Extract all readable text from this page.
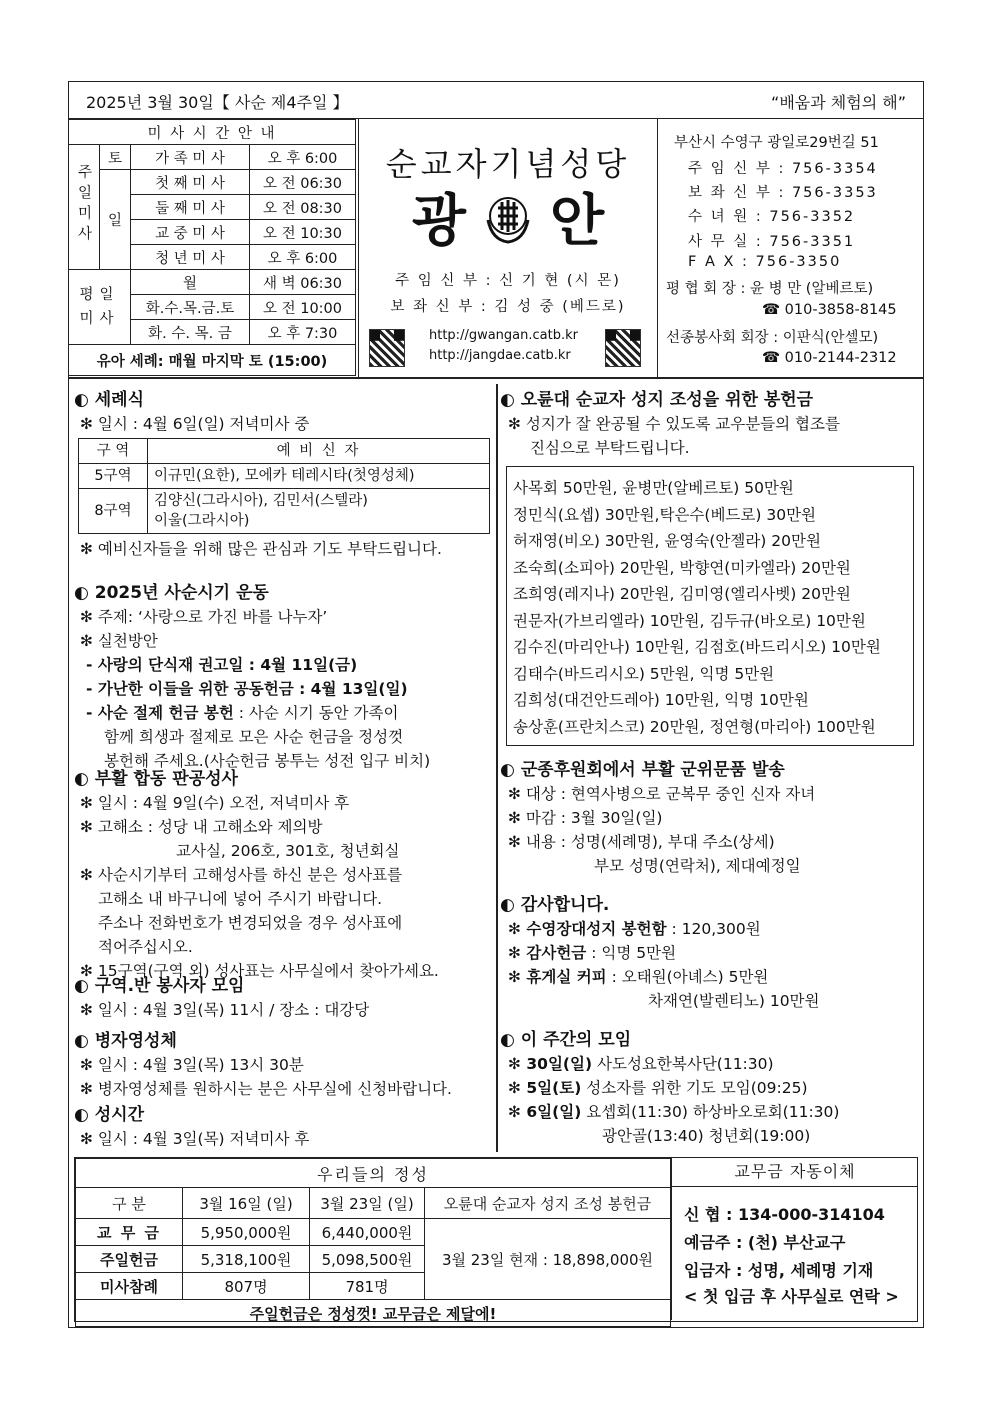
2025년 3월 30일【 사순 제4주일 】	“배움과 체험의 해”
미 사 시 간 안 내			
주일미사	토	가 족 미 사	오 후 6:00
	일	첫 째 미 사	오 전 06:30
		둘 째 미 사	오 전 08:30
		교 중 미 사	오 전 10:30
		청 년 미 사	오 후 6:00
평일미사		월	새 벽 06:30
		화.수.목.금.토	오 전 10:00
		화. 수. 목. 금	오 후 7:30
유아 세례: 매월 마지막 토 (15:00)			
순교자기념성당
광 안
주 임 신 부 : 신 기 현 (시 몬)
보 좌 신 부 : 김 성 중 (베드로)
http://gwangan.catb.kr
http://jangdae.catb.kr
부산시 수영구 광일로29번길 51
주 임 신 부 : 756-3354
보 좌 신 부 : 756-3353
수 녀 원 : 756-3352
사 무 실 : 756-3351
F A X : 756-3350
평 협 회 장 : 윤 병 만 (알베르토)
☎ 010-3858-8145
선종봉사회 회장 : 이판식(안셀모)
☎ 010-2144-2312
◐ 세례식
✻ 일시 : 4월 6일(일) 저녁미사 중
구 역	예 비 신 자
5구역	이규민(요한), 모에카 테레시타(첫영성체)
8구역	김양신(그라시아), 김민서(스텔라)
이울(그라시아)
✻ 예비신자들을 위해 많은 관심과 기도 부탁드립니다.
◐ 2025년 사순시기 운동
✻ 주제: ‘사랑으로 가진 바를 나누자’
✻ 실천방안
- 사랑의 단식재 권고일 : 4월 11일(금)
- 가난한 이들을 위한 공동헌금 : 4월 13일(일)
- 사순 절제 헌금 봉헌 : 사순 시기 동안 가족이
함께 희생과 절제로 모은 사순 헌금을 정성껏
봉헌해 주세요.(사순헌금 봉투는 성전 입구 비치)
◐ 부활 합동 판공성사
✻ 일시 : 4월 9일(수) 오전, 저녁미사 후
✻ 고해소 : 성당 내 고해소와 제의방
교사실, 206호, 301호, 청년회실
✻ 사순시기부터 고해성사를 하신 분은 성사표를
고해소 내 바구니에 넣어 주시기 바랍니다.
주소나 전화번호가 변경되었을 경우 성사표에
적어주십시오.
✻ 15구역(구역 외) 성사표는 사무실에서 찾아가세요.
◐ 구역.반 봉사자 모임
✻ 일시 : 4월 3일(목) 11시 / 장소 : 대강당
◐ 병자영성체
✻ 일시 : 4월 3일(목) 13시 30분
✻ 병자영성체를 원하시는 분은 사무실에 신청바랍니다.
◐ 성시간
✻ 일시 : 4월 3일(목) 저녁미사 후
◐ 오륜대 순교자 성지 조성을 위한 봉헌금
✻ 성지가 잘 완공될 수 있도록 교우분들의 협조를
진심으로 부탁드립니다.
사목회 50만원, 윤병만(알베르토) 50만원
정민식(요셉) 30만원,탁은수(베드로) 30만원
허재영(비오) 30만원, 윤영숙(안젤라) 20만원
조숙희(소피아) 20만원, 박향연(미카엘라) 20만원
조희영(레지나) 20만원, 김미영(엘리사벳) 20만원
권문자(가브리엘라) 10만원, 김두규(바오로) 10만원
김수진(마리안나) 10만원, 김점호(바드리시오) 10만원
김태수(바드리시오) 5만원, 익명 5만원
김희성(대건안드레아) 10만원, 익명 10만원
송상훈(프란치스코) 20만원, 정연형(마리아) 100만원
◐ 군종후원회에서 부활 군위문품 발송
✻ 대상 : 현역사병으로 군복무 중인 신자 자녀
✻ 마감 : 3월 30일(일)
✻ 내용 : 성명(세례명), 부대 주소(상세)
부모 성명(연락처), 제대예정일
◐ 감사합니다.
✻ 수영장대성지 봉헌함 : 120,300원
✻ 감사헌금 : 익명 5만원
✻ 휴게실 커피 : 오태원(아녜스) 5만원
차재연(발렌티노) 10만원
◐ 이 주간의 모임
✻ 30일(일) 사도성요한복사단(11:30)
✻ 5일(토) 성소자를 위한 기도 모임(09:25)
✻ 6일(일) 요셉회(11:30) 하상바오로회(11:30)
광안골(13:40) 청년회(19:00)
우리들의 정성			
구 분	3월 16일 (일)	3월 23일 (일)	오륜대 순교자 성지 조성 봉헌금
교 무 금	5,950,000원	6,440,000원	3월 23일 현재 : 18,898,000원
주일헌금	5,318,100원	5,098,500원	
미사참례	807명	781명	
주일헌금은 정성껏! 교무금은 제달에!			
교무금 자동이체
신 협 : 134-000-314104
예금주 : (천) 부산교구
입금자 : 성명, 세례명 기재
< 첫 입금 후 사무실로 연락 >
